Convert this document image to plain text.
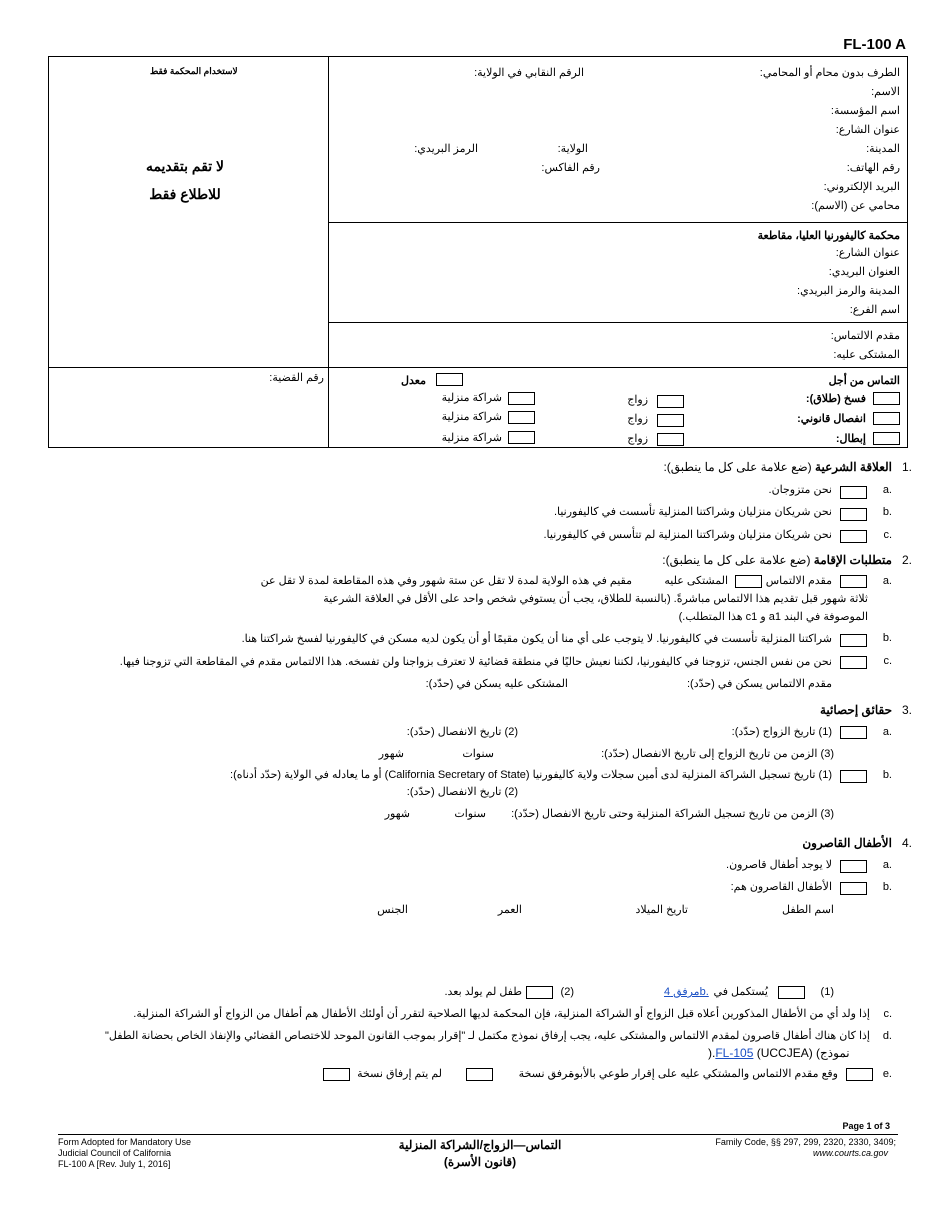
FL-100 A
لاستخدام المحكمة فقط
لا تقم بتقديمه
للاطلاع فقط
الطرف بدون محام أو المحامي:
الرقم النقابي في الولاية:
الاسم:
اسم المؤسسة:
عنوان الشارع:
المدينة:
الولاية:
الرمز البريدي:
رقم الهاتف:
رقم الفاكس:
البريد الإلكتروني:
محامي عن (الاسم):
محكمة كاليفورنيا العليا، مقاطعة
عنوان الشارع:
العنوان البريدي:
المدينة والرمز البريدي:
اسم الفرع:
مقدم الالتماس:
المشتكى عليه:
التماس من أجل
معدل
رقم القضية:
فسخ (طلاق):
زواج
شراكة منزلية
انفصال قانوني:
زواج
شراكة منزلية
إبطال:
زواج
شراكة منزلية
1.
العلاقة الشرعية (ضع علامة على كل ما ينطبق):
a.
نحن متزوجان.
b.
نحن شريكان منزليان وشراكتنا المنزلية تأسست في كاليفورنيا.
c.
نحن شريكان منزليان وشراكتنا المنزلية لم تتأسس في كاليفورنيا.
2.
متطلبات الإقامة (ضع علامة على كل ما ينطبق):
a.
مقدم الالتماس
المشتكى عليه
مقيم في هذه الولاية لمدة لا تقل عن ستة شهور وفي هذه المقاطعة لمدة لا تقل عن
ثلاثة شهور قبل تقديم هذا الالتماس مباشرةً. (بالنسبة للطلاق، يجب أن يستوفي شخص واحد على الأقل في العلاقة الشرعية
الموصوفة في البند a1 و c1 هذا المتطلب.)
b.
شراكتنا المنزلية تأسست في كاليفورنيا. لا يتوجب على أي منا أن يكون مقيمًا أو أن يكون لديه مسكن في كاليفورنيا لفسخ شراكتنا هنا.
c.
نحن من نفس الجنس، تزوجنا في كاليفورنيا، لكننا نعيش حاليًا في منطقة قضائية لا تعترف بزواجنا ولن تفسخه. هذا الالتماس مقدم في المقاطعة التي تزوجنا فيها.
مقدم الالتماس يسكن في (حدّد):
المشتكى عليه يسكن في (حدّد):
3.
حقائق إحصائية
a.
(1) تاريخ الزواج (حدّد):
(2) تاريخ الانفصال (حدّد):
(3) الزمن من تاريخ الزواج إلى تاريخ الانفصال (حدّد):
سنوات
شهور
b.
(1) تاريخ تسجيل الشراكة المنزلية لدى أمين سجلات ولاية كاليفورنيا (California Secretary of State) أو ما يعادله في الولاية (حدّد أدناه):
(2) تاريخ الانفصال (حدّد):
(3) الزمن من تاريخ تسجيل الشراكة المنزلية وحتى تاريخ الانفصال (حدّد):
سنوات
شهور
4.
الأطفال القاصرون
a.
لا يوجد أطفال قاصرون.
b.
الأطفال القاصرون هم:
اسم الطفل
تاريخ الميلاد
العمر
الجنس
(1)
يُستكمل في
مرفق 4b.
(2)
طفل لم يولد بعد.
c.
إذا ولد أي من الأطفال المذكورين أعلاه قبل الزواج أو الشراكة المنزلية، فإن المحكمة لديها الصلاحية لتقرر أن أولئك الأطفال هم أطفال من الزواج أو الشراكة المنزلية.
d.
إذا كان هناك أطفال قاصرون لمقدم الالتماس والمشتكى عليه، يجب إرفاق نموذج مكتمل لـ "إقرار بموجب القانون الموحد للاختصاص القضائي والإنفاذ الخاص بحضانة الطفل"
).FL-105 (UCCJEA) (نموذج
e.
وقع مقدم الالتماس والمشتكي عليه على إقرار طوعي بالأبوة.
مرفق نسخة
لم يتم إرفاق نسخة
Page 1 of 3
Form Adopted for Mandatory Use
Judicial Council of California
FL-100 A [Rev. July 1, 2016]
التماس—الزواج/الشراكة المنزلية
(قانون الأسرة)
Family Code, §§ 297, 299, 2320, 2330, 3409;
www.courts.ca.gov
